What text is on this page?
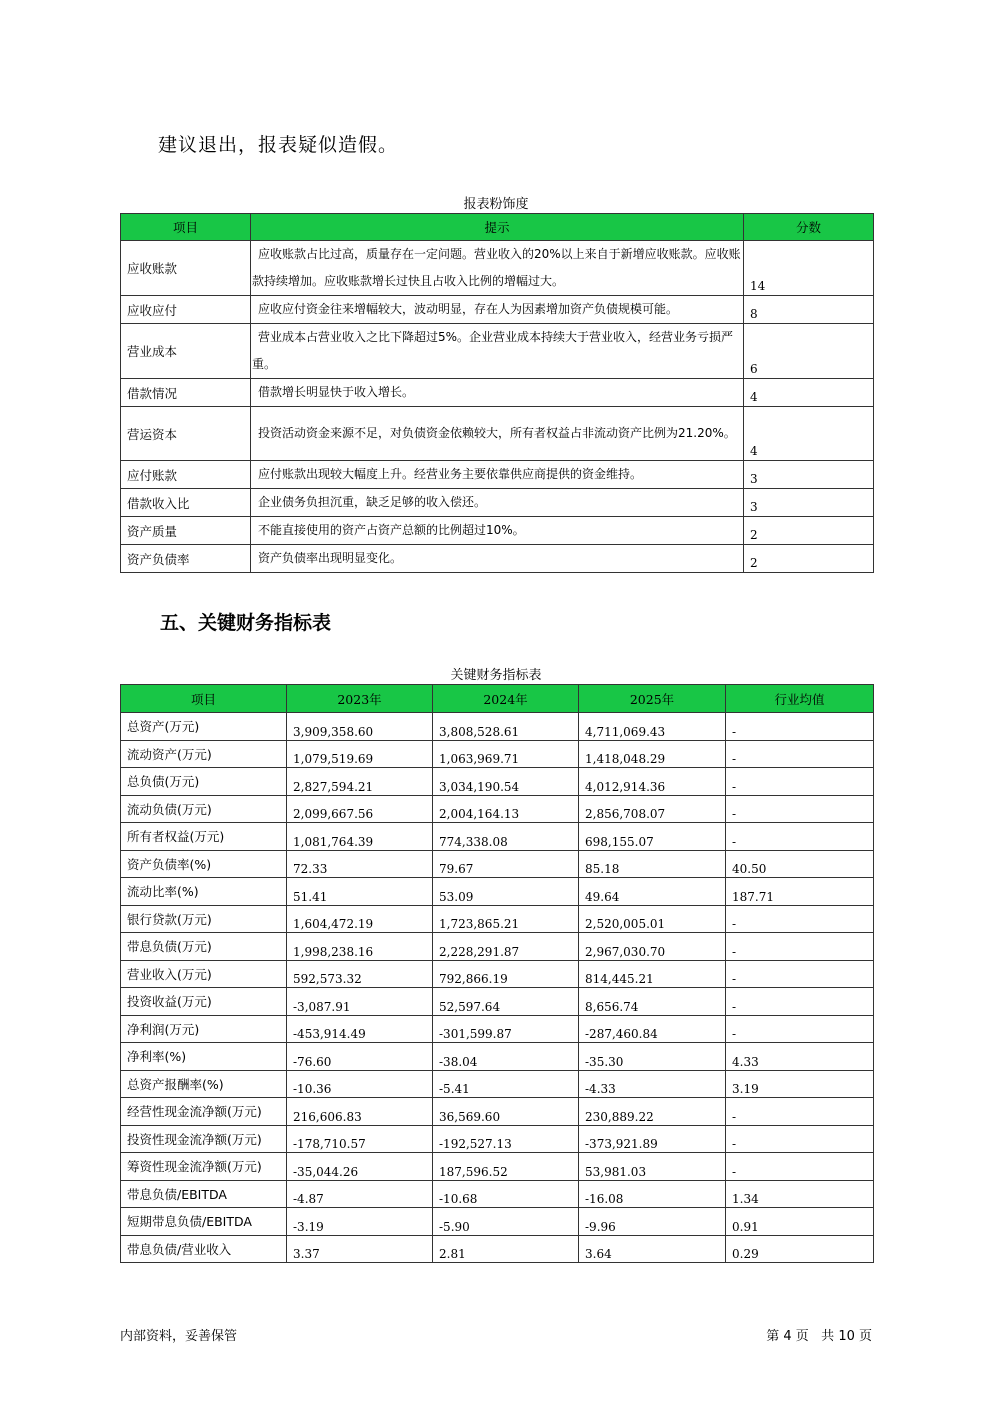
建议退出，报表疑似造假。
报表粉饰度
项目	提示	分数
应收账款	应收账款占比过高，质量存在一定问题。营业收入的20%以上来自于新增应收账款。应收账款持续增加。应收账款增长过快且占收入比例的增幅过大。	14
应收应付	应收应付资金往来增幅较大，波动明显，存在人为因素增加资产负债规模可能。	8
营业成本	营业成本占营业收入之比下降超过5%。企业营业成本持续大于营业收入，经营业务亏损严重。	6
借款情况	借款增长明显快于收入增长。	4
营运资本	投资活动资金来源不足，对负债资金依赖较大，所有者权益占非流动资产比例为21.20%。	4
应付账款	应付账款出现较大幅度上升。经营业务主要依靠供应商提供的资金维持。	3
借款收入比	企业债务负担沉重，缺乏足够的收入偿还。	3
资产质量	不能直接使用的资产占资产总额的比例超过10%。	2
资产负债率	资产负债率出现明显变化。	2
五、关键财务指标表
关键财务指标表
项目	2023年	2024年	2025年	行业均值
总资产(万元)	3,909,358.60	3,808,528.61	4,711,069.43	-
流动资产(万元)	1,079,519.69	1,063,969.71	1,418,048.29	-
总负债(万元)	2,827,594.21	3,034,190.54	4,012,914.36	-
流动负债(万元)	2,099,667.56	2,004,164.13	2,856,708.07	-
所有者权益(万元)	1,081,764.39	774,338.08	698,155.07	-
资产负债率(%)	72.33	79.67	85.18	40.50
流动比率(%)	51.41	53.09	49.64	187.71
银行贷款(万元)	1,604,472.19	1,723,865.21	2,520,005.01	-
带息负债(万元)	1,998,238.16	2,228,291.87	2,967,030.70	-
营业收入(万元)	592,573.32	792,866.19	814,445.21	-
投资收益(万元)	-3,087.91	52,597.64	8,656.74	-
净利润(万元)	-453,914.49	-301,599.87	-287,460.84	-
净利率(%)	-76.60	-38.04	-35.30	4.33
总资产报酬率(%)	-10.36	-5.41	-4.33	3.19
经营性现金流净额(万元)	216,606.83	36,569.60	230,889.22	-
投资性现金流净额(万元)	-178,710.57	-192,527.13	-373,921.89	-
筹资性现金流净额(万元)	-35,044.26	187,596.52	53,981.03	-
带息负债/EBITDA	-4.87	-10.68	-16.08	1.34
短期带息负债/EBITDA	-3.19	-5.90	-9.96	0.91
带息负债/营业收入	3.37	2.81	3.64	0.29
内部资料，妥善保管	第 4 页   共 10 页
